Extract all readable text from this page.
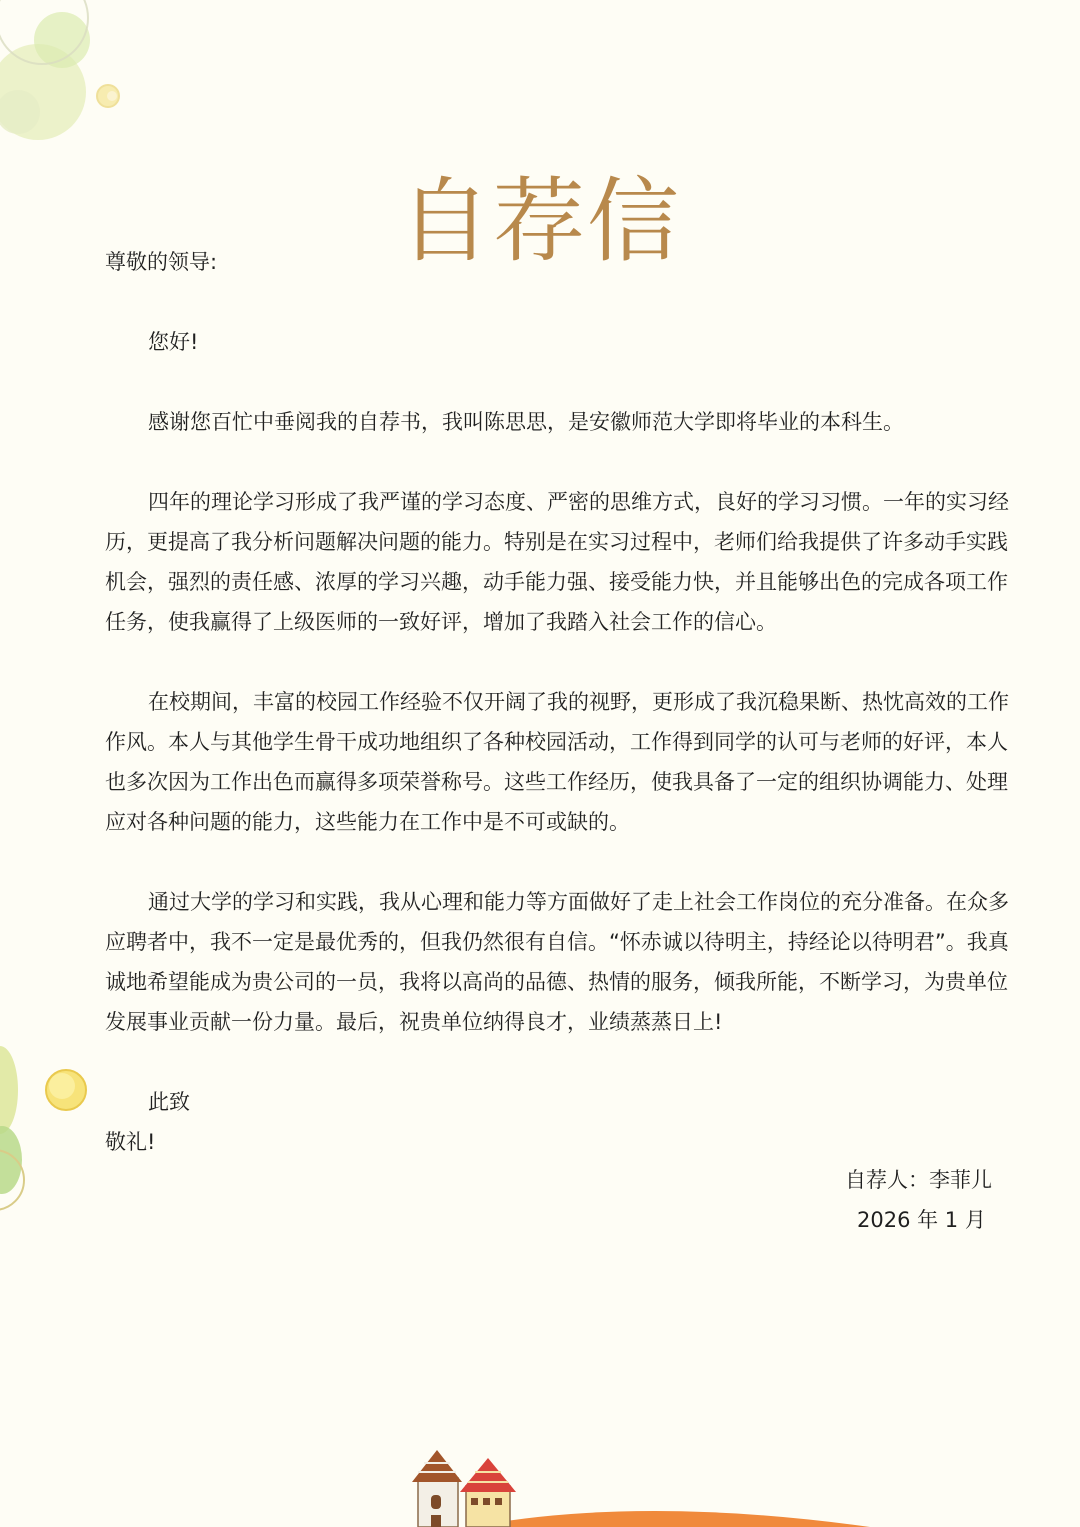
自荐信

尊敬的领导:

您好!

感谢您百忙中垂阅我的自荐书，我叫陈思思，是安徽师范大学即将毕业的本科生。

四年的理论学习形成了我严谨的学习态度、严密的思维方式，良好的学习习惯。一年的实习经历，更提高了我分析问题解决问题的能力。特别是在实习过程中，老师们给我提供了许多动手实践机会，强烈的责任感、浓厚的学习兴趣，动手能力强、接受能力快，并且能够出色的完成各项工作任务，使我赢得了上级医师的一致好评，增加了我踏入社会工作的信心。

在校期间，丰富的校园工作经验不仅开阔了我的视野，更形成了我沉稳果断、热忱高效的工作作风。本人与其他学生骨干成功地组织了各种校园活动，工作得到同学的认可与老师的好评，本人也多次因为工作出色而赢得多项荣誉称号。这些工作经历，使我具备了一定的组织协调能力、处理应对各种问题的能力，这些能力在工作中是不可或缺的。

通过大学的学习和实践，我从心理和能力等方面做好了走上社会工作岗位的充分准备。在众多应聘者中，我不一定是最优秀的，但我仍然很有自信。“怀赤诚以待明主，持经论以待明君”。我真诚地希望能成为贵公司的一员，我将以高尚的品德、热情的服务，倾我所能，不断学习，为贵单位发展事业贡献一份力量。最后，祝贵单位纳得良才，业绩蒸蒸日上!

此致

敬礼!

自荐人：李菲儿
2026 年 1 月
